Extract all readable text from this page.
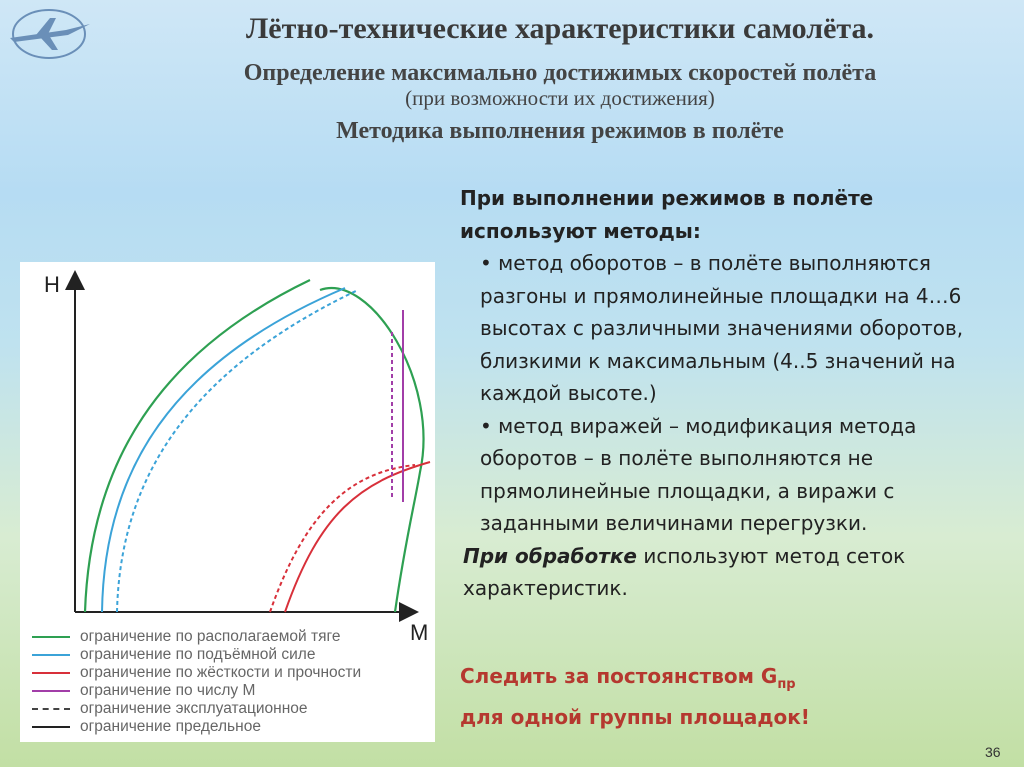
Лётно-технические характеристики самолёта.
Определение максимально достижимых скоростей полёта
(при возможности их достижения)
Методика выполнения режимов в полёте
H
M
ограничение по располагаемой тяге
ограничение по подъёмной силе
ограничение по жёсткости и прочности
ограничение по числу М
ограничение эксплуатационное
ограничение предельное
При выполнении режимов в полёте
используют методы:
• метод оборотов – в полёте выполняются разгоны и прямолинейные площадки на 4…6 высотах с различными значениями оборотов, близкими к максимальным (4..5 значений на каждой высоте.)
• метод виражей – модификация метода оборотов – в полёте выполняются не прямолинейные площадки, а виражи с заданными величинами перегрузки.
При обработке используют метод сеток характеристик.
Следить за постоянством $G_{пр}$
для одной группы площадок!
36
